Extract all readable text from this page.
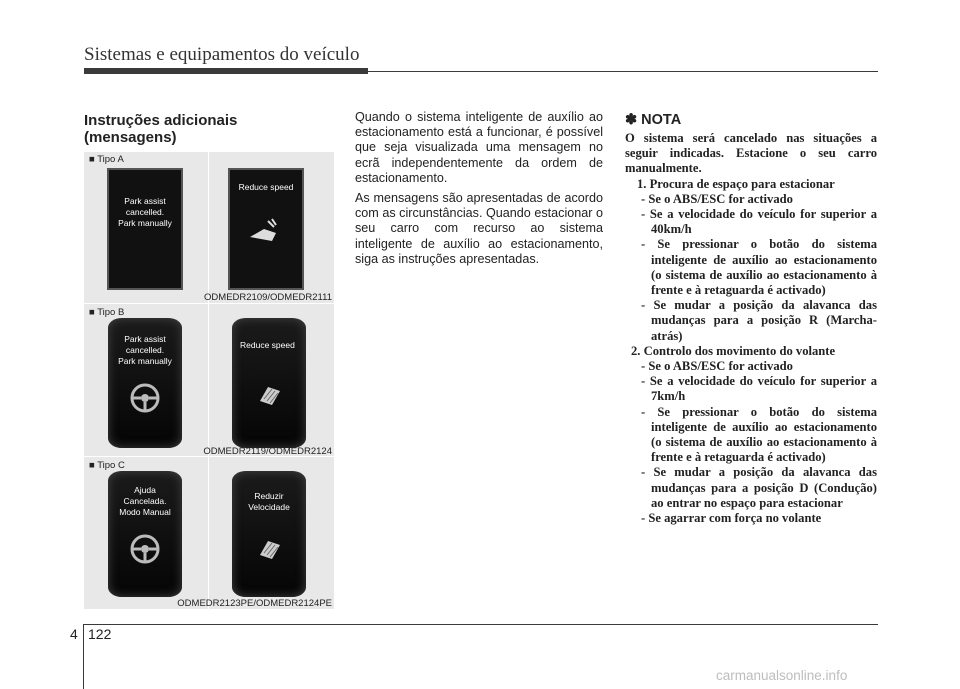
Sistemas e equipamentos do veículo
Instruções adicionais
(mensagens)
■ Tipo A
Park assist
cancelled.
Park manually
Reduce speed
ODMEDR2109/ODMEDR2111
■ Tipo B
Park assist
cancelled.
Park manually
Reduce speed
ODMEDR2119/ODMEDR2124
■ Tipo C
Ajuda
Cancelada.
Modo Manual
Reduzir
Velocidade
ODMEDR2123PE/ODMEDR2124PE

Quando o sistema inteligente de auxílio ao estacionamento está a funcionar, é possível que seja visualizada uma mensagem no ecrã independentemente da ordem de estacionamento.

As mensagens são apresentadas de acordo com as circunstâncias. Quando estacionar o seu carro com recurso ao sistema inteligente de auxílio ao estacionamento, siga as instruções apresentadas.

✽ NOTA
O sistema será cancelado nas situações a seguir indicadas. Estacione o seu carro manualmente.
1. Procura de espaço para estacionar
- Se o ABS/ESC for activado
- Se a velocidade do veículo for superior a 40km/h
- Se pressionar o botão do sistema inteligente de auxílio ao estacionamento (o sistema de auxílio ao estacionamento à frente e à retaguarda é activado)
- Se mudar a posição da alavanca das mudanças para a posição R (Marcha-atrás)
2. Controlo dos movimento do volante
- Se o ABS/ESC for activado
- Se a velocidade do veículo for superior a 7km/h
- Se pressionar o botão do sistema inteligente de auxílio ao estacionamento (o sistema de auxílio ao estacionamento à frente e à retaguarda é activado)
- Se mudar a posição da alavanca das mudanças para a posição D (Condução) ao entrar no espaço para estacionar
- Se agarrar com força no volante
4 122
carmanualsonline.info
